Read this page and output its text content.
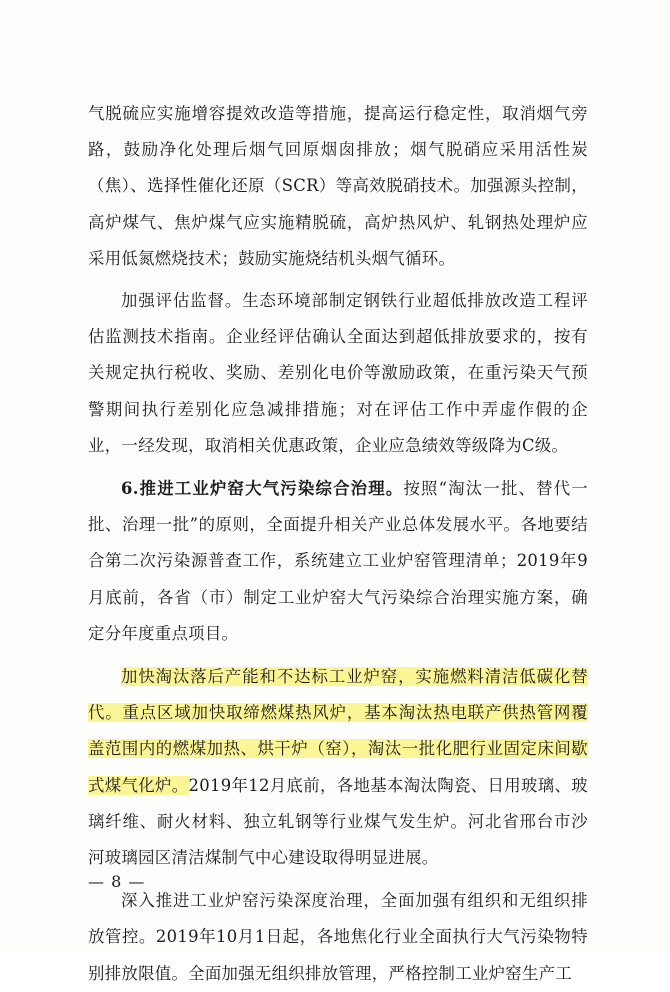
气脱硫应实施增容提效改造等措施，提高运行稳定性，取消烟气旁路，鼓励净化处理后烟气回原烟囱排放；烟气脱硝应采用活性炭（焦）、选择性催化还原（SCR）等高效脱硝技术。加强源头控制，高炉煤气、焦炉煤气应实施精脱硫，高炉热风炉、轧钢热处理炉应采用低氮燃烧技术；鼓励实施烧结机头烟气循环。

加强评估监督。生态环境部制定钢铁行业超低排放改造工程评估监测技术指南。企业经评估确认全面达到超低排放要求的，按有关规定执行税收、奖励、差别化电价等激励政策，在重污染天气预警期间执行差别化应急减排措施；对在评估工作中弄虚作假的企业，一经发现，取消相关优惠政策，企业应急绩效等级降为C级。

6.推进工业炉窑大气污染综合治理。按照“淘汰一批、替代一批、治理一批”的原则，全面提升相关产业总体发展水平。各地要结合第二次污染源普查工作，系统建立工业炉窑管理清单；2019年9月底前，各省（市）制定工业炉窑大气污染综合治理实施方案，确定分年度重点项目。

加快淘汰落后产能和不达标工业炉窑，实施燃料清洁低碳化替代。重点区域加快取缔燃煤热风炉，基本淘汰热电联产供热管网覆盖范围内的燃煤加热、烘干炉（窑），淘汰一批化肥行业固定床间歇式煤气化炉。2019年12月底前，各地基本淘汰陶瓷、日用玻璃、玻璃纤维、耐火材料、独立轧钢等行业煤气发生炉。河北省邢台市沙河玻璃园区清洁煤制气中心建设取得明显进展。

深入推进工业炉窑污染深度治理，全面加强有组织和无组织排放管控。2019年10月1日起，各地焦化行业全面执行大气污染物特别排放限值。全面加强无组织排放管理，严格控制工业炉窑生产工

— 8 —
